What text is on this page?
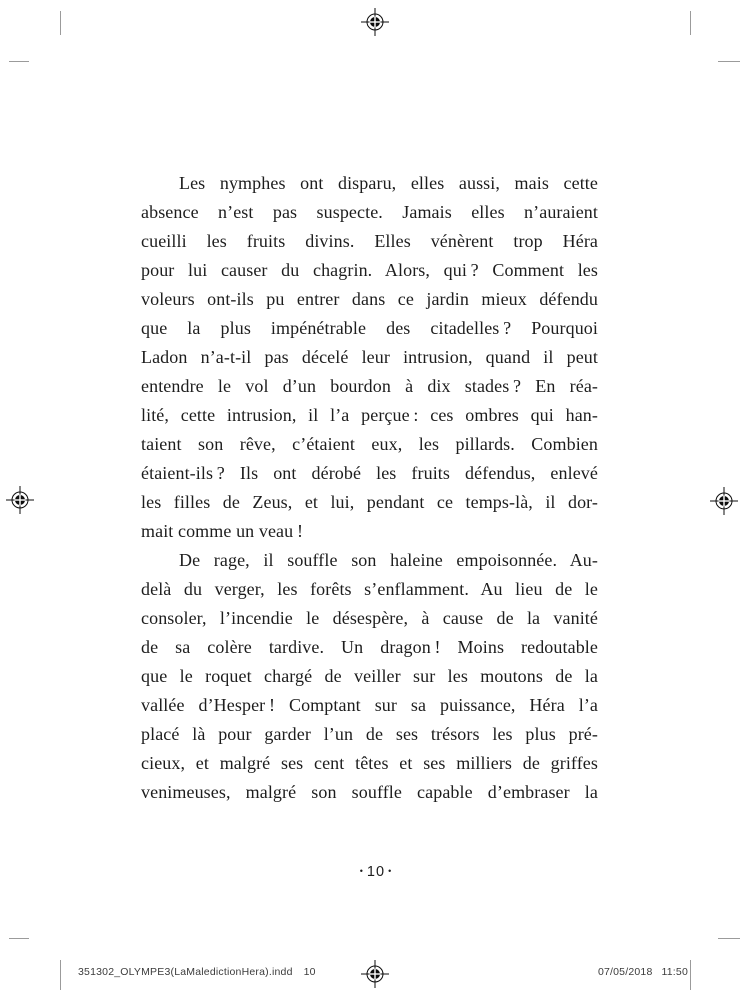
Les nymphes ont disparu, elles aussi, mais cette
absence n’est pas suspecte. Jamais elles n’auraient
cueilli les fruits divins. Elles vénèrent trop Héra
pour lui causer du chagrin. Alors, qui ? Comment les
voleurs ont-ils pu entrer dans ce jardin mieux défendu
que la plus impénétrable des citadelles ? Pourquoi
Ladon n’a-t-il pas décelé leur intrusion, quand il peut
entendre le vol d’un bourdon à dix stades ? En réa-
lité, cette intrusion, il l’a perçue : ces ombres qui han-
taient son rêve, c’étaient eux, les pillards. Combien
étaient-ils ? Ils ont dérobé les fruits défendus, enlevé
les filles de Zeus, et lui, pendant ce temps-là, il dor-
mait comme un veau !
De rage, il souffle son haleine empoisonnée. Au-
delà du verger, les forêts s’enflamment. Au lieu de le
consoler, l’incendie le désespère, à cause de la vanité
de sa colère tardive. Un dragon ! Moins redoutable
que le roquet chargé de veiller sur les moutons de la
vallée d’Hesper ! Comptant sur sa puissance, Héra l’a
placé là pour garder l’un de ses trésors les plus pré-
cieux, et malgré ses cent têtes et ses milliers de griffes
venimeuses, malgré son souffle capable d’embraser la
• 10 •
351302_OLYMPE3(LaMaledictionHera).indd 10	07/05/2018 11:50
